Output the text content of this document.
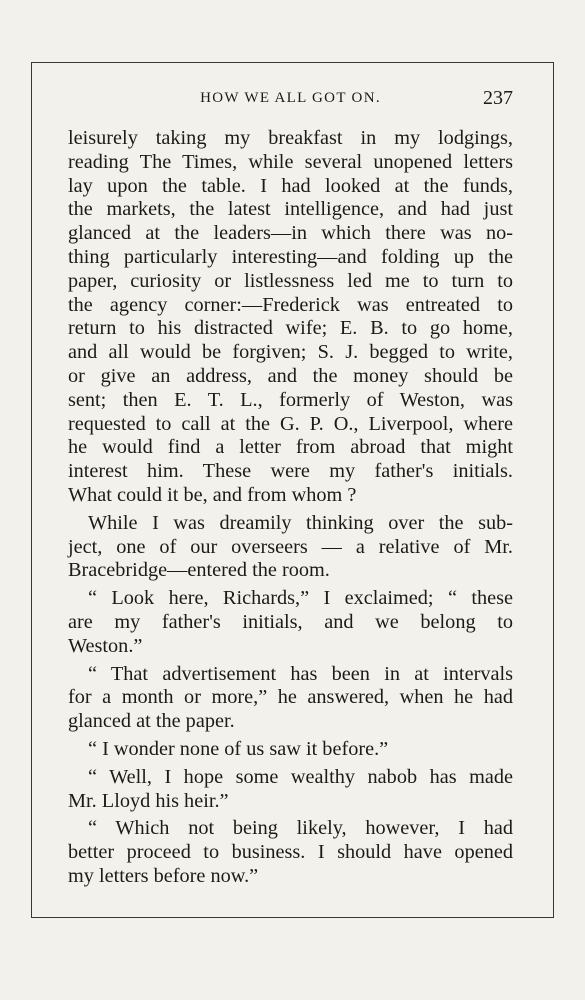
HOW WE ALL GOT ON.	237
leisurely taking my breakfast in my lodgings,
reading The Times, while several unopened letters
lay upon the table. I had looked at the funds,
the markets, the latest intelligence, and had just
glanced at the leaders—in which there was no-
thing particularly interesting—and folding up the
paper, curiosity or listlessness led me to turn to
the agency corner:—Frederick was entreated to
return to his distracted wife; E. B. to go home,
and all would be forgiven; S. J. begged to write,
or give an address, and the money should be
sent; then E. T. L., formerly of Weston, was
requested to call at the G. P. O., Liverpool, where
he would find a letter from abroad that might
interest him. These were my father's initials.
What could it be, and from whom ?
While I was dreamily thinking over the sub-
ject, one of our overseers — a relative of Mr.
Bracebridge—entered the room.
“ Look here, Richards,” I exclaimed; “ these
are my father's initials, and we belong to
Weston.”
“ That advertisement has been in at intervals
for a month or more,” he answered, when he had
glanced at the paper.
“ I wonder none of us saw it before.”
“ Well, I hope some wealthy nabob has made
Mr. Lloyd his heir.”
“ Which not being likely, however, I had
better proceed to business. I should have opened
my letters before now.”
